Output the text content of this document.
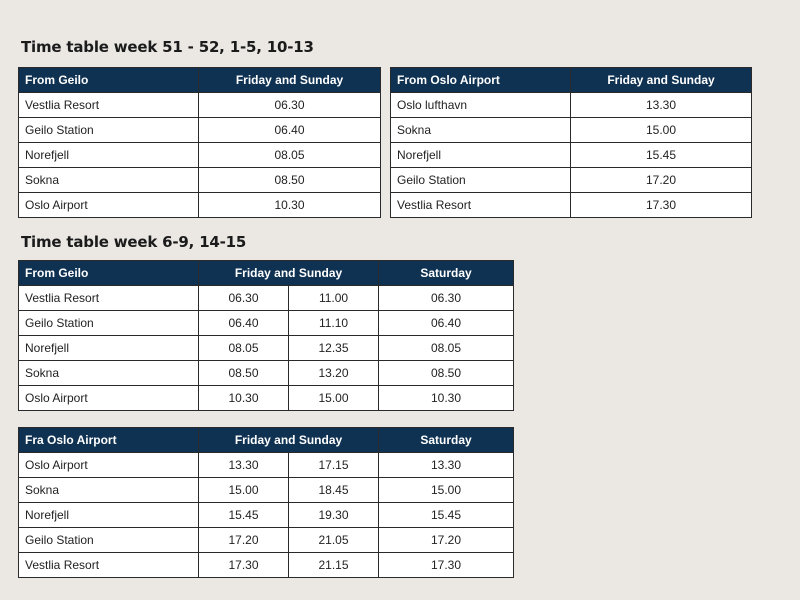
Time table week 51 - 52, 1-5, 10-13
From Geilo	Friday and Sunday
Vestlia Resort	06.30
Geilo Station	06.40
Norefjell	08.05
Sokna	08.50
Oslo Airport	10.30
From Oslo Airport	Friday and Sunday
Oslo lufthavn	13.30
Sokna	15.00
Norefjell	15.45
Geilo Station	17.20
Vestlia Resort	17.30
Time table week 6-9, 14-15
From Geilo	Friday and Sunday		Saturday
Vestlia Resort	06.30	11.00	06.30
Geilo Station	06.40	11.10	06.40
Norefjell	08.05	12.35	08.05
Sokna	08.50	13.20	08.50
Oslo Airport	10.30	15.00	10.30
Fra Oslo Airport	Friday and Sunday		Saturday
Oslo Airport	13.30	17.15	13.30
Sokna	15.00	18.45	15.00
Norefjell	15.45	19.30	15.45
Geilo Station	17.20	21.05	17.20
Vestlia Resort	17.30	21.15	17.30
